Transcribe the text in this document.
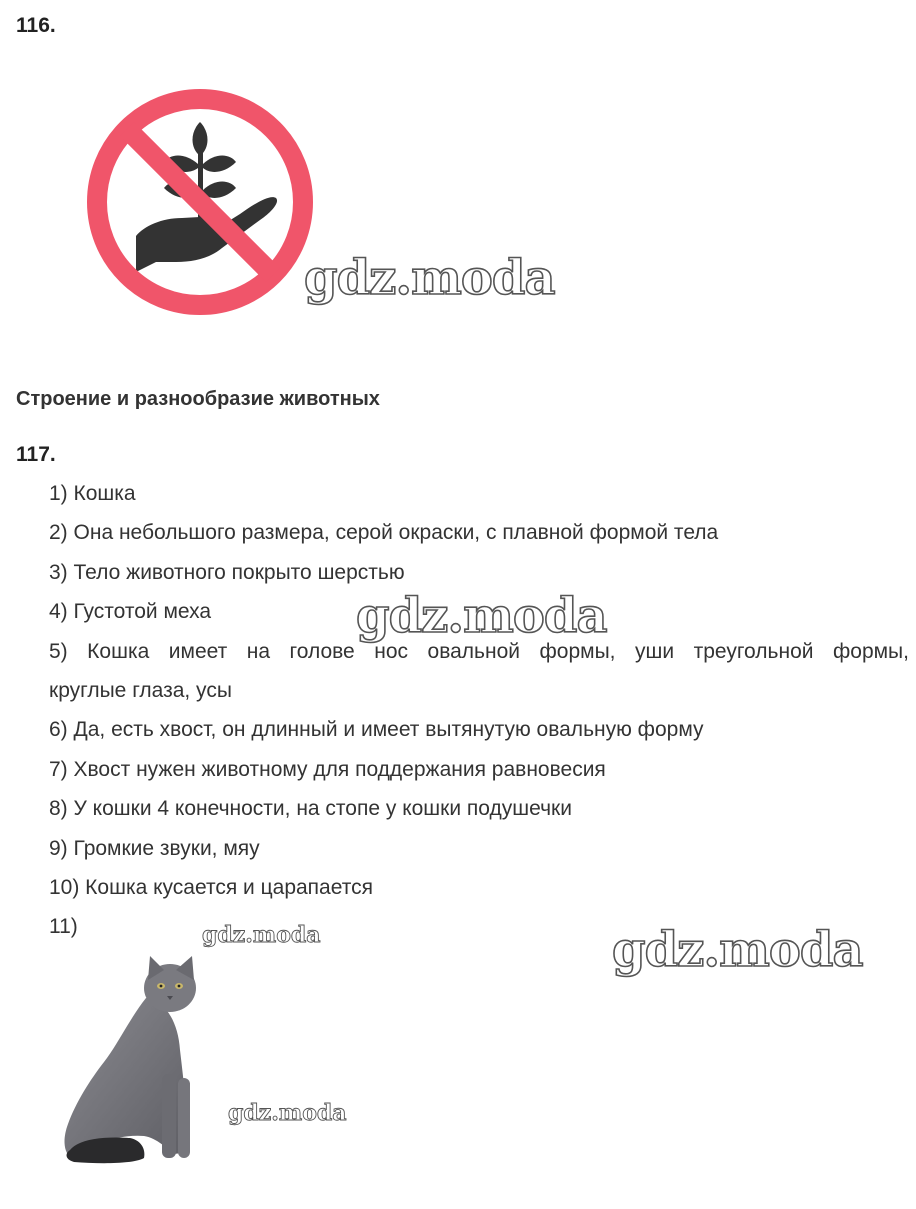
116.
gdz.moda
Строение и разнообразие животных
117.
1) Кошка
2) Она небольшого размера, серой окраски, с плавной формой тела
3) Тело животного покрыто шерстью
4) Густотой меха	gdz.moda
5) Кошка имеет на голове нос овальной формы, уши треугольной формы,
круглые глаза, усы
6) Да, есть хвост, он длинный и имеет вытянутую овальную форму
7) Хвост нужен животному для поддержания равновесия
8) У кошки 4 конечности, на стопе у кошки подушечки
9) Громкие звуки, мяу
10) Кошка кусается и царапается
11)	gdz.moda	gdz.moda
gdz.moda
